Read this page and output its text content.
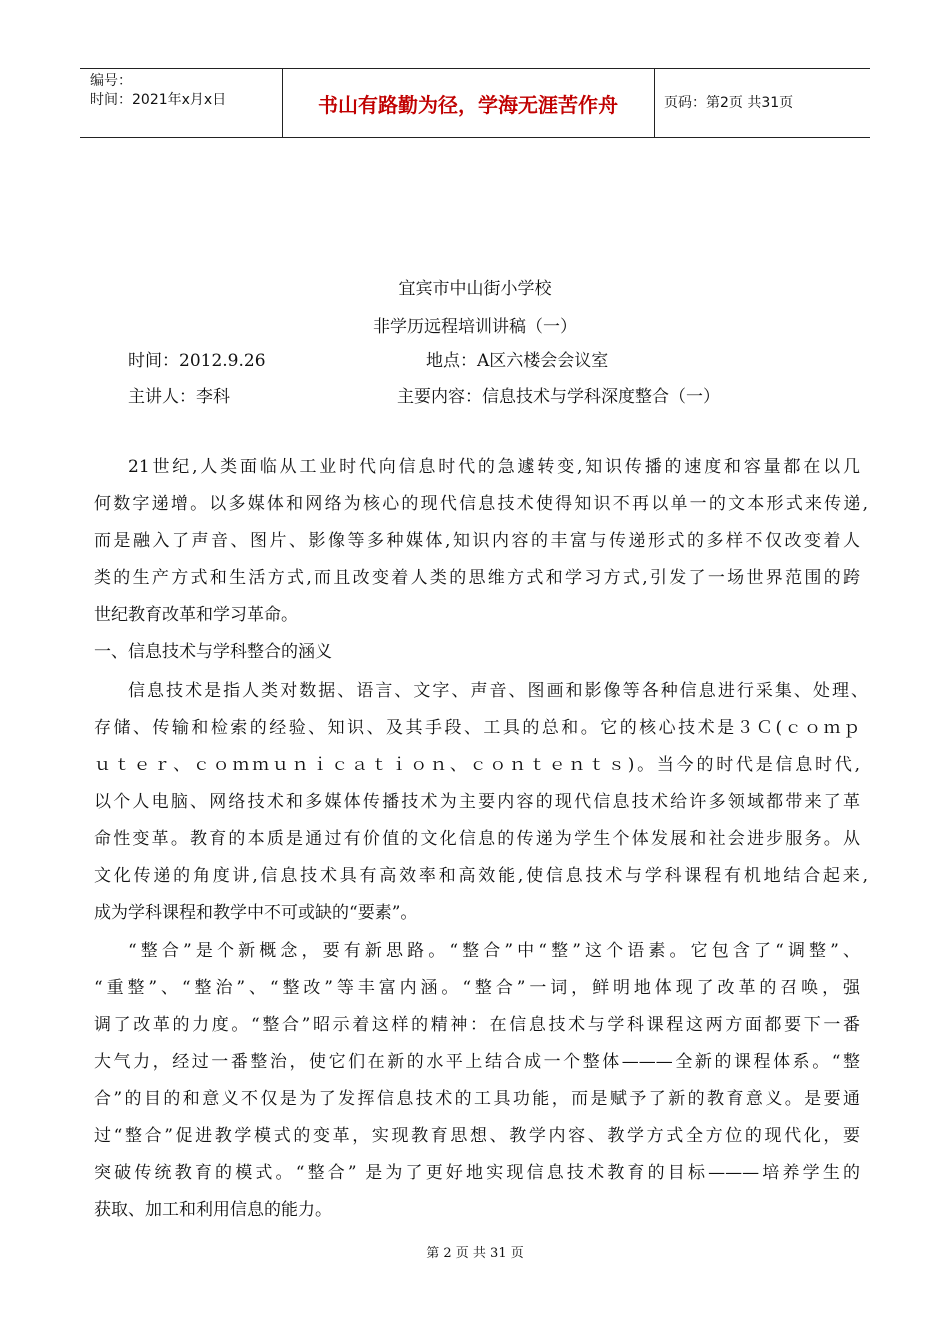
编号：
时间：2021年x月x日	书山有路勤为径，学海无涯苦作舟	页码：第2页 共31页
宜宾市中山街小学校
非学历远程培训讲稿（一）
时间：2012.9.26	地点：A区六楼会会议室
主讲人：李科	主要内容：信息技术与学科深度整合（一）
21世纪,人类面临从工业时代向信息时代的急遽转变,知识传播的速度和容量都在以几
何数字递增。以多媒体和网络为核心的现代信息技术使得知识不再以单一的文本形式来传递,
而是融入了声音、图片、影像等多种媒体,知识内容的丰富与传递形式的多样不仅改变着人
类的生产方式和生活方式,而且改变着人类的思维方式和学习方式,引发了一场世界范围的跨
世纪教育改革和学习革命。
一、信息技术与学科整合的涵义
信息技术是指人类对数据、语言、文字、声音、图画和影像等各种信息进行采集、处理、
存储、传输和检索的经验、知识、及其手段、工具的总和。它的核心技术是３Ｃ(ｃｏｍｐ
ｕｔｅｒ、ｃｏｍｍｕｎｉｃａｔｉｏｎ、ｃｏｎｔｅｎｔｓ)。当今的时代是信息时代,
以个人电脑、网络技术和多媒体传播技术为主要内容的现代信息技术给许多领域都带来了革
命性变革。教育的本质是通过有价值的文化信息的传递为学生个体发展和社会进步服务。从
文化传递的角度讲,信息技术具有高效率和高效能,使信息技术与学科课程有机地结合起来,
成为学科课程和教学中不可或缺的“要素”。
“整合”是个新概念，要有新思路。“整合”中“整”这个语素。它包含了“调整”、
“重整”、“整治”、“整改”等丰富内涵。“整合”一词，鲜明地体现了改革的召唤，强
调了改革的力度。“整合”昭示着这样的精神：在信息技术与学科课程这两方面都要下一番
大气力，经过一番整治，使它们在新的水平上结合成一个整体———全新的课程体系。“整
合”的目的和意义不仅是为了发挥信息技术的工具功能，而是赋予了新的教育意义。是要通
过“整合”促进教学模式的变革，实现教育思想、教学内容、教学方式全方位的现代化，要
突破传统教育的模式。“整合” 是为了更好地实现信息技术教育的目标———培养学生的
获取、加工和利用信息的能力。
第 2 页 共 31 页
